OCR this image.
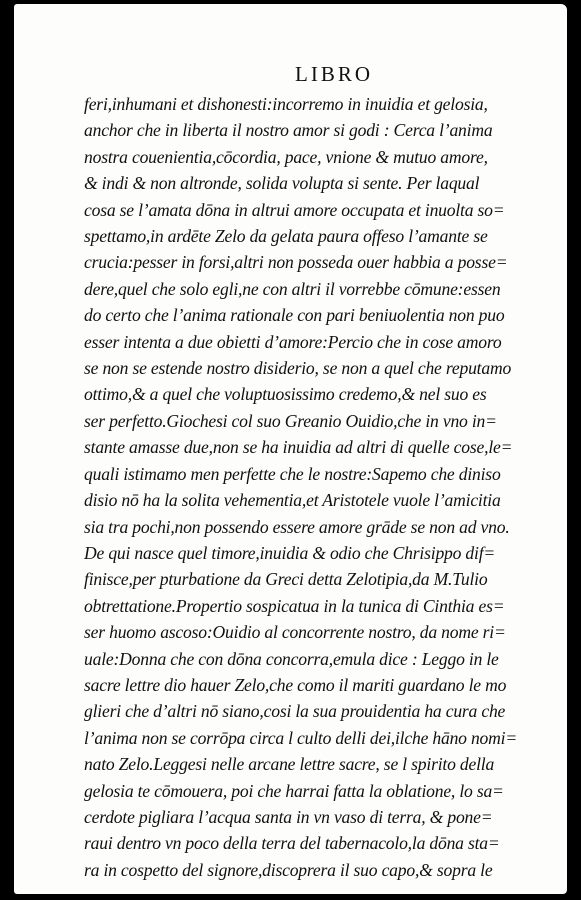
LIBRO
feri,inhumani et dishonesti:incorremo in inuidia et gelosia,
anchor che in liberta il nostro amor si godi : Cerca l’anima
nostra couenientia,cōcordia, pace, vnione & mutuo amore,
& indi & non altronde, solida volupta si sente. Per laqual
cosa se l’amata dōna in altrui amore occupata et inuolta so=
spettamo,in ardēte Zelo da gelata paura offeso l’amante se
crucia:pesser in forsi,altri non posseda ouer habbia a posse=
dere,quel che solo egli,ne con altri il vorrebbe cōmune:essen
do certo che l’anima rationale con pari beniuolentia non puo
esser intenta a due obietti d’amore:Percio che in cose amoro
se non se estende nostro disiderio, se non a quel che reputamo
ottimo,& a quel che voluptuosissimo credemo,& nel suo es
ser perfetto.Giochesi col suo Greanio Ouidio,che in vno in=
stante amasse due,non se ha inuidia ad altri di quelle cose,le=
quali istimamo men perfette che le nostre:Sapemo che diniso
disio nō ha la solita vehementia,et Aristotele vuole l’amicitia
sia tra pochi,non possendo essere amore grāde se non ad vno.
De qui nasce quel timore,inuidia & odio che Chrisippo dif=
finisce,per pturbatione da Greci detta Zelotipia,da M.Tulio
obtrettatione.Propertio sospicatua in la tunica di Cinthia es=
ser huomo ascoso:Ouidio al concorrente nostro, da nome ri=
uale:Donna che con dōna concorra,emula dice : Leggo in le
sacre lettre dio hauer Zelo,che como il mariti guardano le mo
glieri che d’altri nō siano,cosi la sua prouidentia ha cura che
l’anima non se corrōpa circa l culto delli dei,ilche hāno nomi=
nato Zelo.Leggesi nelle arcane lettre sacre, se l spirito della
gelosia te cōmouera, poi che harrai fatta la oblatione, lo sa=
cerdote pigliara l’acqua santa in vn vaso di terra, & pone=
raui dentro vn poco della terra del tabernacolo,la dōna sta=
ra in cospetto del signore,discoprera il suo capo,& sopra le
